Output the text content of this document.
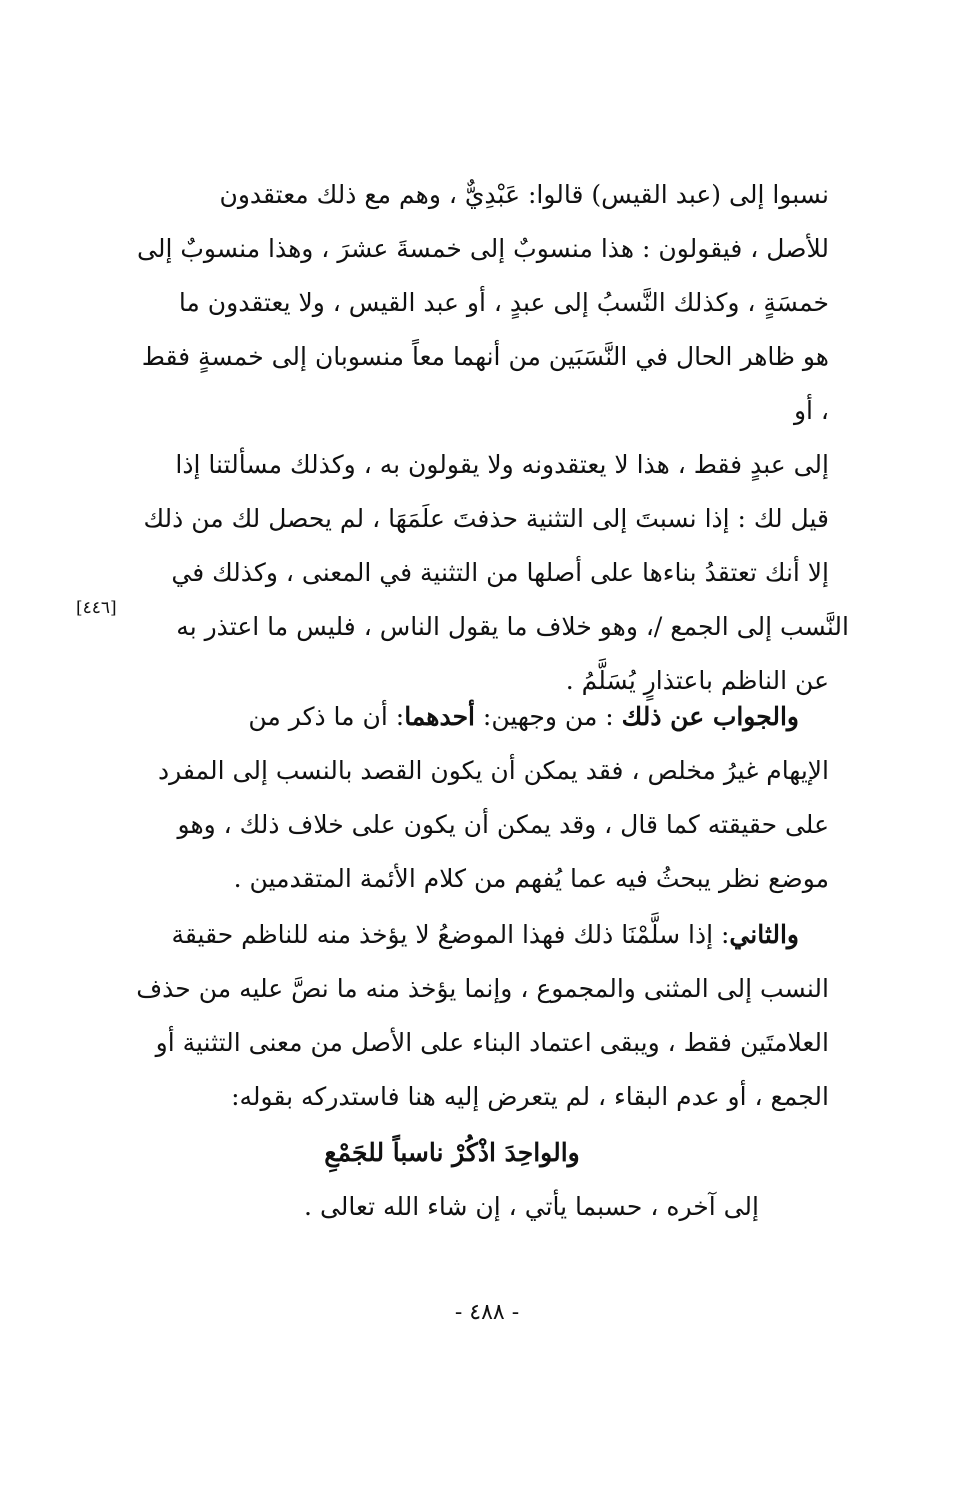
نسبوا إلى (عبد القيس) قالوا: عَبْدِيٌّ ، وهم مع ذلك معتقدون
للأصل ، فيقولون : هذا منسوبٌ إلى خمسةَ عشرَ ، وهذا منسوبٌ إلى
خمسَةٍ ، وكذلك النَّسبُ إلى عبدٍ ، أو عبد القيس ، ولا يعتقدون ما
هو ظاهر الحال في النَّسَبَين من أنهما معاً منسوبان إلى خمسةٍ فقط ، أو
إلى عبدٍ فقط ، هذا لا يعتقدونه ولا يقولون به ، وكذلك مسألتنا إذا
قيل لك : إذا نسبتَ إلى التثنية حذفتَ علَمَهَا ، لم يحصل لك من ذلك
إلا أنك تعتقدُ بناءها على أصلها من التثنية في المعنى ، وكذلك في
النَّسب إلى الجمع /، وهو خلاف ما يقول الناس ، فليس ما اعتذر به
عن الناظم باعتذارٍ يُسَلَّمُ .
[٤٤٦]
والجواب عن ذلك : من وجهين: أحدهما: أن ما ذكر من
الإيهام غيرُ مخلص ، فقد يمكن أن يكون القصد بالنسب إلى المفرد
على حقيقته كما قال ، وقد يمكن أن يكون على خلاف ذلك ، وهو
موضع نظر يبحثُ فيه عما يُفهم من كلام الأئمة المتقدمين .
والثاني: إذا سلَّمْنَا ذلك فهذا الموضعُ لا يؤخذ منه للناظم حقيقة
النسب إلى المثنى والمجموع ، وإنما يؤخذ منه ما نصَّ عليه من حذف
العلامتَين فقط ، ويبقى اعتماد البناء على الأصل من معنى التثنية أو
الجمع ، أو عدم البقاء ، لم يتعرض إليه هنا فاستدركه بقوله:

والواحِدَ اذْكُرْ ناسباً للجَمْعِ

إلى آخره ، حسبما يأتي ، إن شاء الله تعالى .

- ٤٨٨ -
